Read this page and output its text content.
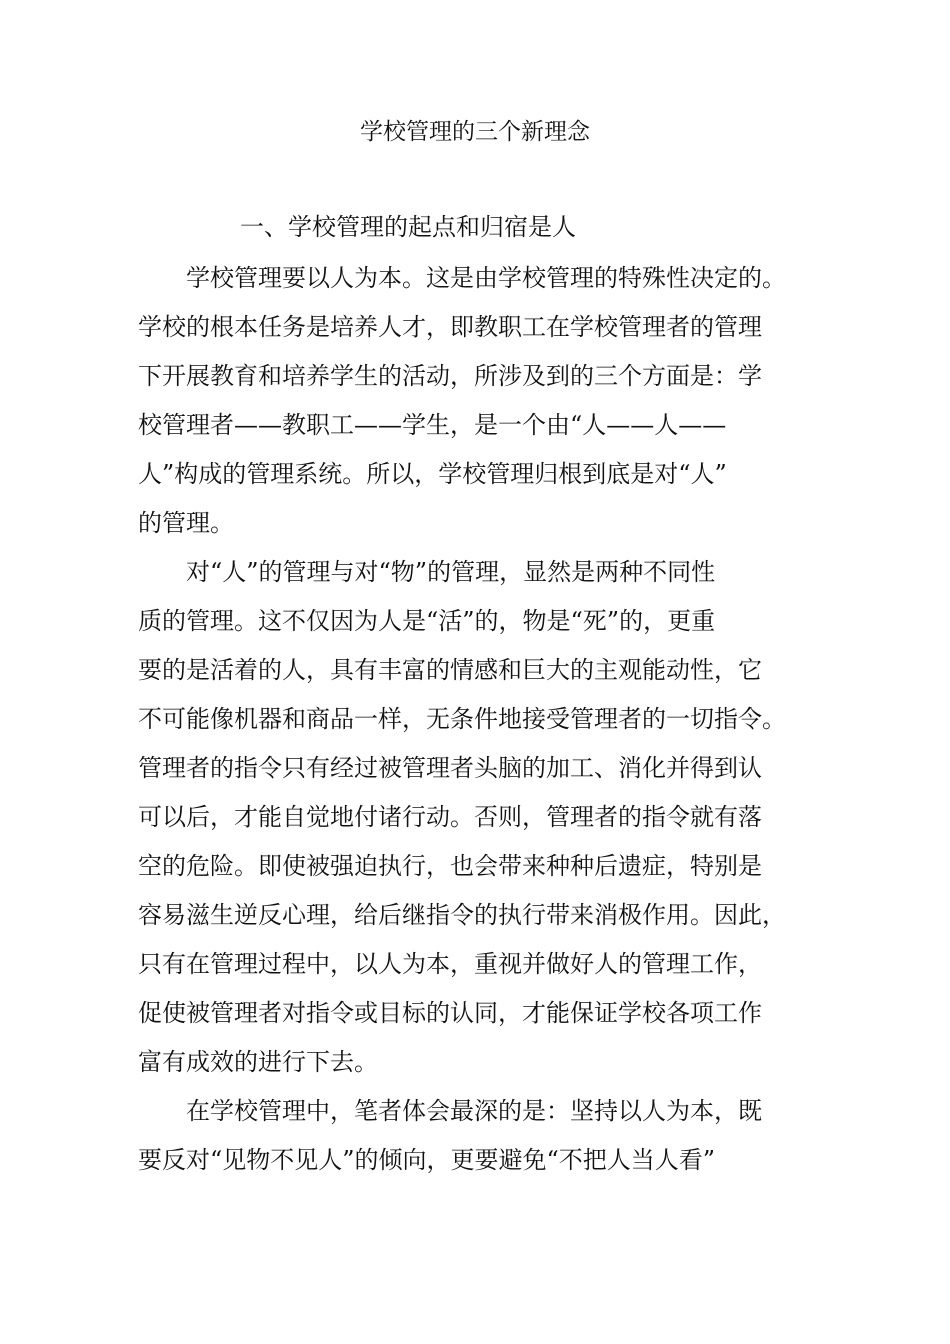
学校管理的三个新理念
一、学校管理的起点和归宿是人
　　学校管理要以人为本。这是由学校管理的特殊性决定的。
学校的根本任务是培养人才，即教职工在学校管理者的管理
下开展教育和培养学生的活动，所涉及到的三个方面是：学
校管理者——教职工——学生，是一个由“人——人——
人”构成的管理系统。所以，学校管理归根到底是对“人”
的管理。
　　对“人”的管理与对“物”的管理，显然是两种不同性
质的管理。这不仅因为人是“活”的，物是“死”的，更重
要的是活着的人，具有丰富的情感和巨大的主观能动性，它
不可能像机器和商品一样，无条件地接受管理者的一切指令。
管理者的指令只有经过被管理者头脑的加工、消化并得到认
可以后，才能自觉地付诸行动。否则，管理者的指令就有落
空的危险。即使被强迫执行，也会带来种种后遗症，特别是
容易滋生逆反心理，给后继指令的执行带来消极作用。因此，
只有在管理过程中，以人为本，重视并做好人的管理工作，
促使被管理者对指令或目标的认同，才能保证学校各项工作
富有成效的进行下去。
　　在学校管理中，笔者体会最深的是：坚持以人为本，既
要反对“见物不见人”的倾向，更要避免“不把人当人看”
